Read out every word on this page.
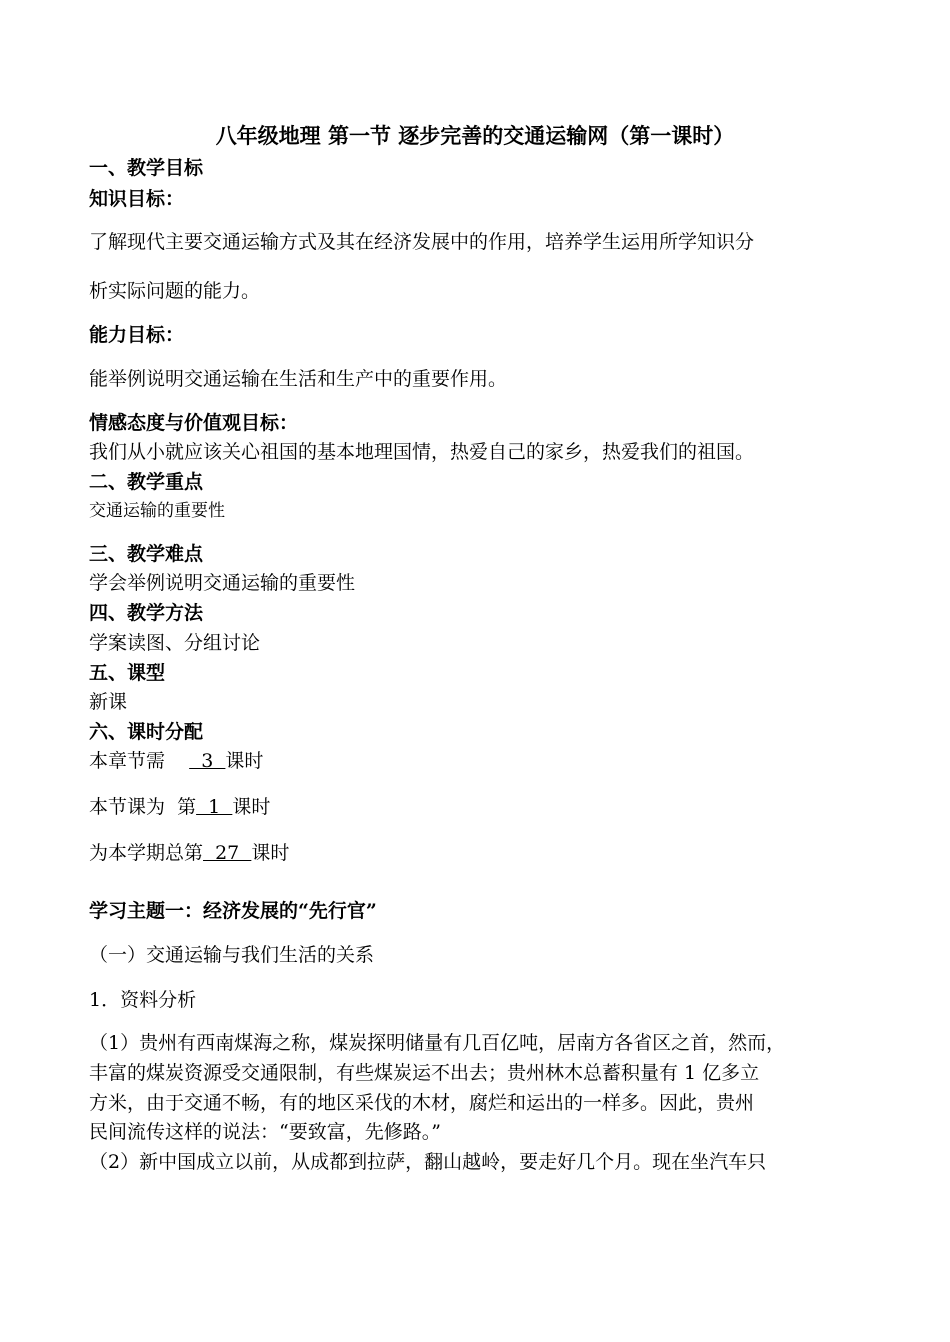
八年级地理 第一节 逐步完善的交通运输网（第一课时）
一、教学目标
知识目标：
了解现代主要交通运输方式及其在经济发展中的作用，培养学生运用所学知识分
析实际问题的能力。
能力目标：
能举例说明交通运输在生活和生产中的重要作用。
情感态度与价值观目标：
我们从小就应该关心祖国的基本地理国情，热爱自己的家乡，热爱我们的祖国。
二、教学重点
交通运输的重要性
三、教学难点
学会举例说明交通运输的重要性
四、教学方法
学案读图、分组讨论
五、课型
新课
六、课时分配
本章节需      3  课时
本节课为  第  1  课时
为本学期总第  27  课时
学习主题一：经济发展的“先行官”
（一）交通运输与我们生活的关系
1．资料分析
（1）贵州有西南煤海之称，煤炭探明储量有几百亿吨，居南方各省区之首，然而，
丰富的煤炭资源受交通限制，有些煤炭运不出去；贵州林木总蓄积量有 1 亿多立
方米，由于交通不畅，有的地区采伐的木材，腐烂和运出的一样多。因此，贵州
民间流传这样的说法：“要致富，先修路。”
（2）新中国成立以前，从成都到拉萨，翻山越岭，要走好几个月。现在坐汽车只
